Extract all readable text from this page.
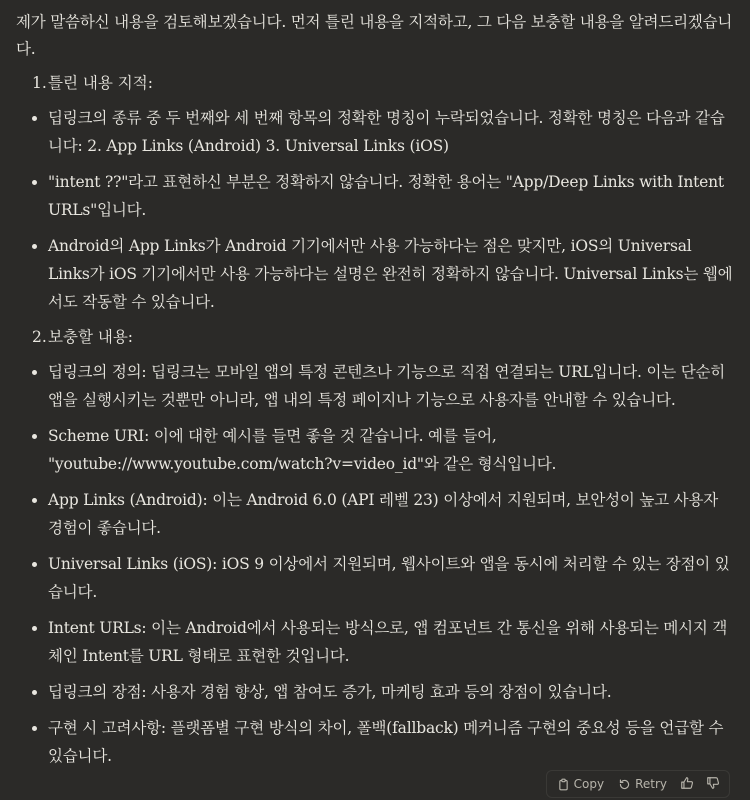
제가 말씀하신 내용을 검토해보겠습니다. 먼저 틀린 내용을 지적하고, 그 다음 보충할 내용을 알려드리겠습니다.

1. 틀린 내용 지적:
딥링크의 종류 중 두 번째와 세 번째 항목의 정확한 명칭이 누락되었습니다. 정확한 명칭은 다음과 같습니다: 2. App Links (Android) 3. Universal Links (iOS)
"intent ??"라고 표현하신 부분은 정확하지 않습니다. 정확한 용어는 "App/Deep Links with Intent URLs"입니다.
Android의 App Links가 Android 기기에서만 사용 가능하다는 점은 맞지만, iOS의 Universal Links가 iOS 기기에서만 사용 가능하다는 설명은 완전히 정확하지 않습니다. Universal Links는 웹에서도 작동할 수 있습니다.
2. 보충할 내용:
딥링크의 정의: 딥링크는 모바일 앱의 특정 콘텐츠나 기능으로 직접 연결되는 URL입니다. 이는 단순히 앱을 실행시키는 것뿐만 아니라, 앱 내의 특정 페이지나 기능으로 사용자를 안내할 수 있습니다.
Scheme URI: 이에 대한 예시를 들면 좋을 것 같습니다. 예를 들어, "youtube://www.youtube.com/watch?v=video_id"와 같은 형식입니다.
App Links (Android): 이는 Android 6.0 (API 레벨 23) 이상에서 지원되며, 보안성이 높고 사용자 경험이 좋습니다.
Universal Links (iOS): iOS 9 이상에서 지원되며, 웹사이트와 앱을 동시에 처리할 수 있는 장점이 있습니다.
Intent URLs: 이는 Android에서 사용되는 방식으로, 앱 컴포넌트 간 통신을 위해 사용되는 메시지 객체인 Intent를 URL 형태로 표현한 것입니다.
딥링크의 장점: 사용자 경험 향상, 앱 참여도 증가, 마케팅 효과 등의 장점이 있습니다.
구현 시 고려사항: 플랫폼별 구현 방식의 차이, 폴백(fallback) 메커니즘 구현의 중요성 등을 언급할 수 있습니다.
Copy	Retry
